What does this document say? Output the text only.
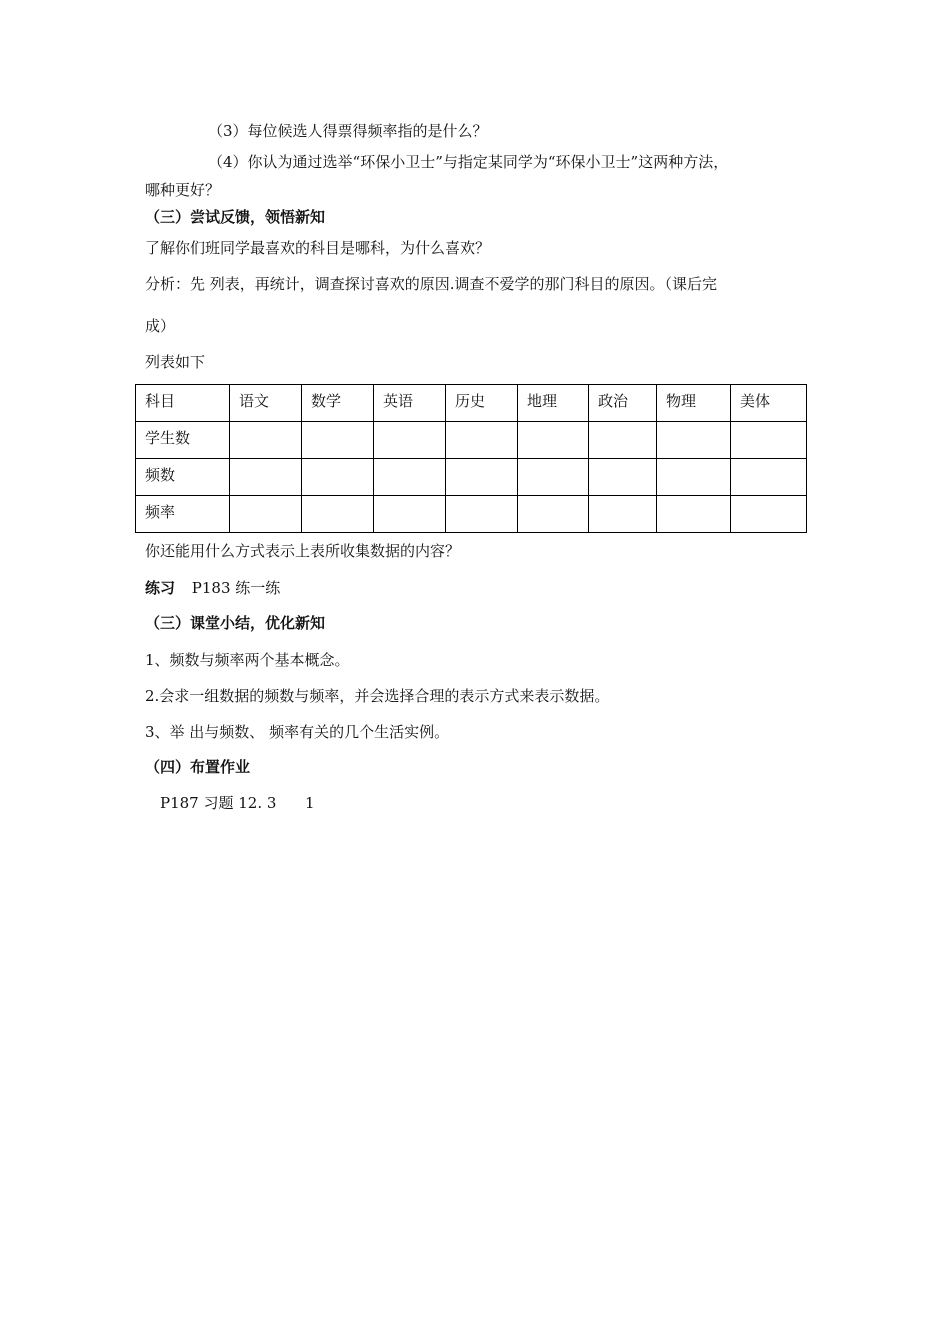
（3）每位候选人得票得频率指的是什么？
（4）你认为通过选举“环保小卫士”与指定某同学为“环保小卫士”这两种方法，
哪种更好？
（三）尝试反馈，领悟新知
了解你们班同学最喜欢的科目是哪科，为什么喜欢？
分析：先 列表，再统计，调查探讨喜欢的原因.调查不爱学的那门科目的原因。（课后完
成）
列表如下
科目	语文	数学	英语	历史	地理	政治	物理	美体
学生数								
频数								
频率								
你还能用什么方式表示上表所收集数据的内容？
练习 P183 练一练
（三）课堂小结，优化新知
1、频数与频率两个基本概念。
2.会求一组数据的频数与频率，并会选择合理的表示方式来表示数据。
3、举 出与频数、 频率有关的几个生活实例。
（四）布置作业
P187 习题 12. 3      1
